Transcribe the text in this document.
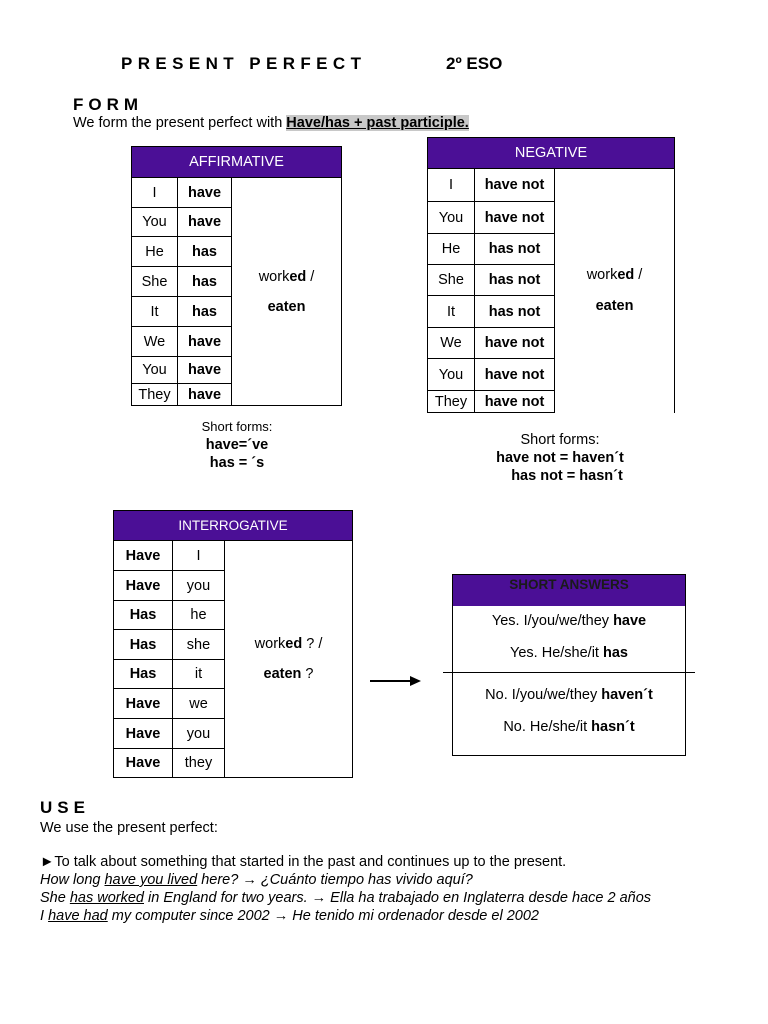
PRESENT PERFECT	2º ESO
FORM
We form the present perfect with Have/has + past participle.
AFFIRMATIVE		
I	have	worked /
eaten

You	have	
He	has	
She	has	
It	has	
We	have	
You	have	
They	have	
Short forms:
have=´ve
has = ´s
NEGATIVE		
I	have not	worked /
eaten

You	have not	
He	has not	
She	has not	
It	has not	
We	have not	
You	have not	
They	have not	
Short forms:
have not = haven´t
has not = hasn´t
INTERROGATIVE		
Have	I	worked ? /
eaten ?

Have	you	
Has	he	
Has	she	
Has	it	
Have	we	
Have	you	
Have	they	
SHORT ANSWERS
Yes. I/you/we/they have
Yes. He/she/it has
No. I/you/we/they haven´t
No. He/she/it hasn´t
USE
We use the present perfect:
►To talk about something that started in the past and continues up to the present.
How long have you lived here? → ¿Cuánto tiempo has vivido aquí?
She has worked in England for two years. → Ella ha trabajado en Inglaterra desde hace 2 años
I have had my computer since 2002 → He tenido mi ordenador desde el 2002
